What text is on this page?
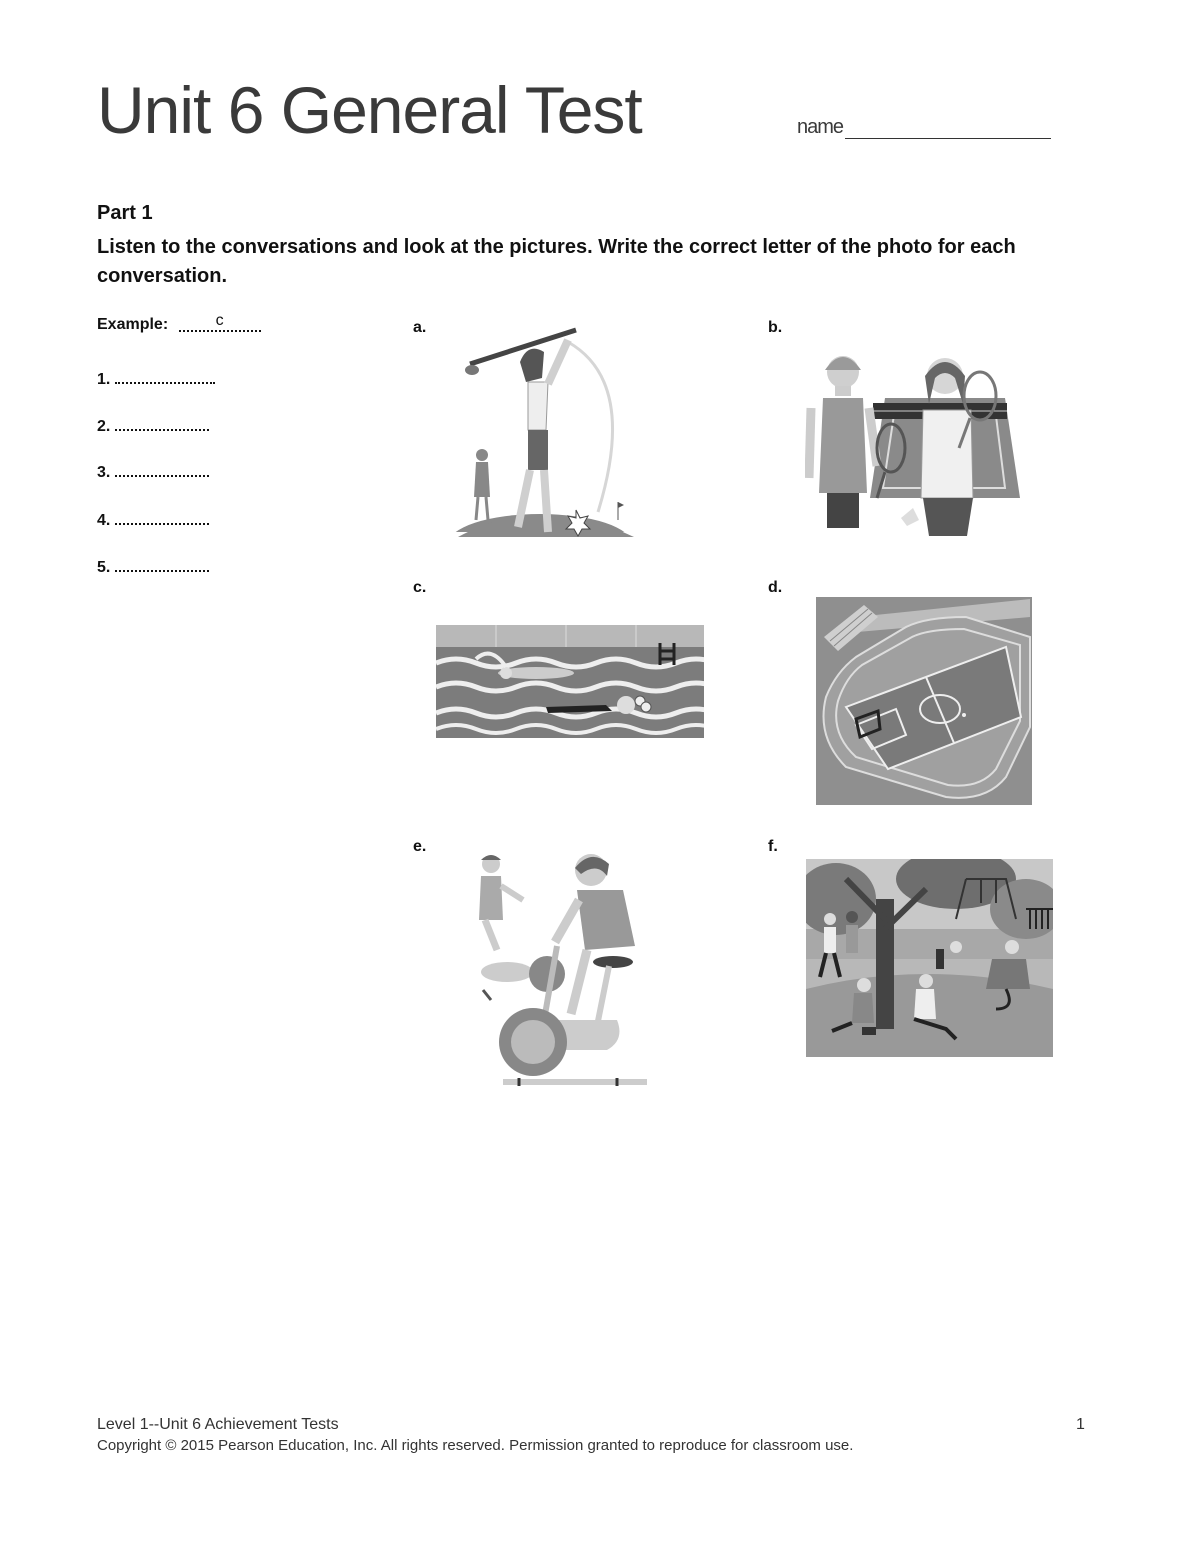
Unit 6 General Test	name
Part 1
Listen to the conversations and look at the pictures. Write the correct letter of the photo for each conversation.
Example:	c
1.
2.
3.
4.
5.
a.	b.
c.	d.
e.	f.
Level 1--Unit 6 Achievement Tests	1
Copyright © 2015 Pearson Education, Inc. All rights reserved. Permission granted to reproduce for classroom use.
